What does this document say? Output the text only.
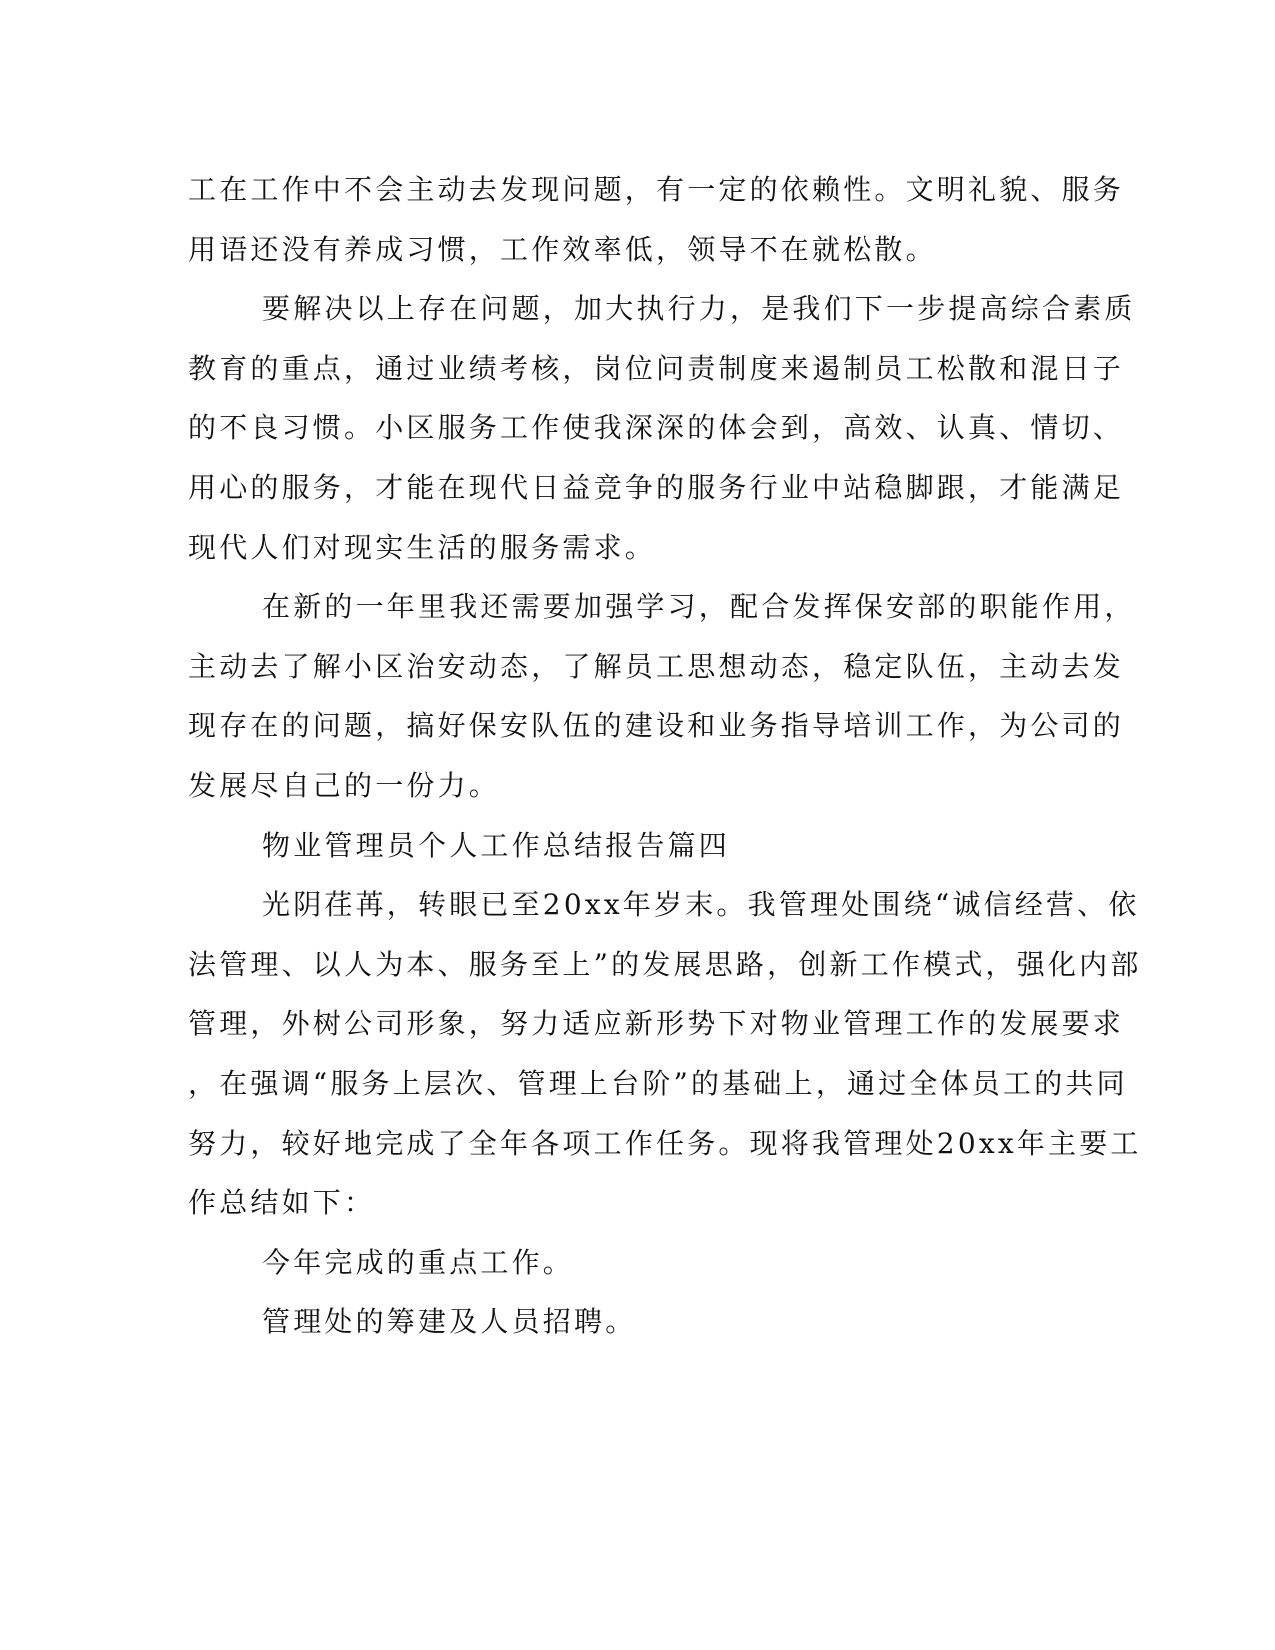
工在工作中不会主动去发现问题，有一定的依赖性。文明礼貌、服务
用语还没有养成习惯，工作效率低，领导不在就松散。
要解决以上存在问题，加大执行力，是我们下一步提高综合素质
教育的重点，通过业绩考核，岗位问责制度来遏制员工松散和混日子
的不良习惯。小区服务工作使我深深的体会到，高效、认真、情切、
用心的服务，才能在现代日益竞争的服务行业中站稳脚跟，才能满足
现代人们对现实生活的服务需求。
在新的一年里我还需要加强学习，配合发挥保安部的职能作用，
主动去了解小区治安动态，了解员工思想动态，稳定队伍，主动去发
现存在的问题，搞好保安队伍的建设和业务指导培训工作，为公司的
发展尽自己的一份力。
物业管理员个人工作总结报告篇四
光阴荏苒，转眼已至20xx年岁末。我管理处围绕“诚信经营、依
法管理、以人为本、服务至上”的发展思路，创新工作模式，强化内部
管理，外树公司形象，努力适应新形势下对物业管理工作的发展要求
，在强调“服务上层次、管理上台阶”的基础上，通过全体员工的共同
努力，较好地完成了全年各项工作任务。现将我管理处20xx年主要工
作总结如下：
今年完成的重点工作。
管理处的筹建及人员招聘。
